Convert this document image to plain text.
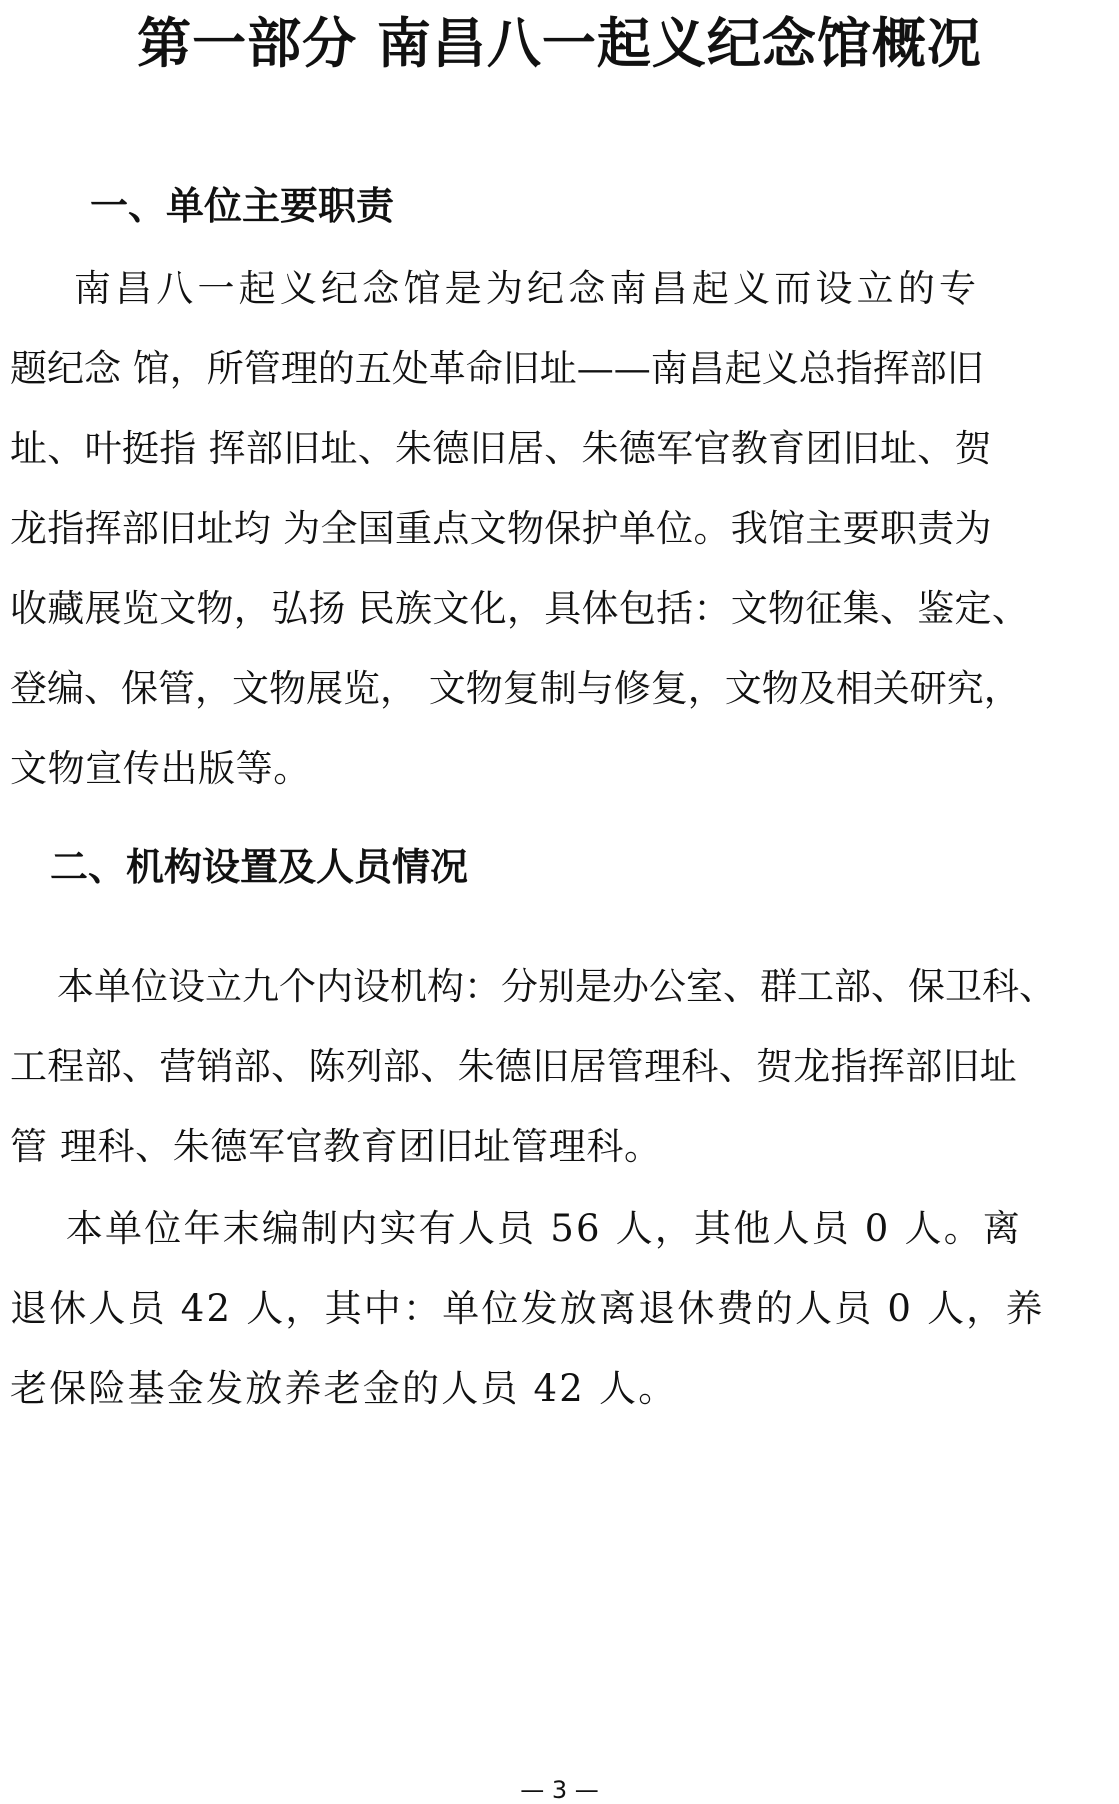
第一部分 南昌八一起义纪念馆概况
一、单位主要职责
南昌八一起义纪念馆是为纪念南昌起义而设立的专
题纪念 馆，所管理的五处革命旧址——南昌起义总指挥部旧
址、叶挺指 挥部旧址、朱德旧居、朱德军官教育团旧址、贺
龙指挥部旧址均 为全国重点文物保护单位。我馆主要职责为
收藏展览文物，弘扬 民族文化，具体包括：文物征集、鉴定、
登编、保管，文物展览， 文物复制与修复，文物及相关研究，
文物宣传出版等。
二、机构设置及人员情况
本单位设立九个内设机构：分别是办公室、群工部、保卫科、
工程部、营销部、陈列部、朱德旧居管理科、贺龙指挥部旧址
管 理科、朱德军官教育团旧址管理科。
本单位年末编制内实有人员 56 人，其他人员 0 人。离
退休人员 42 人，其中：单位发放离退休费的人员 0 人，养
老保险基金发放养老金的人员 42 人。
— 3 —
